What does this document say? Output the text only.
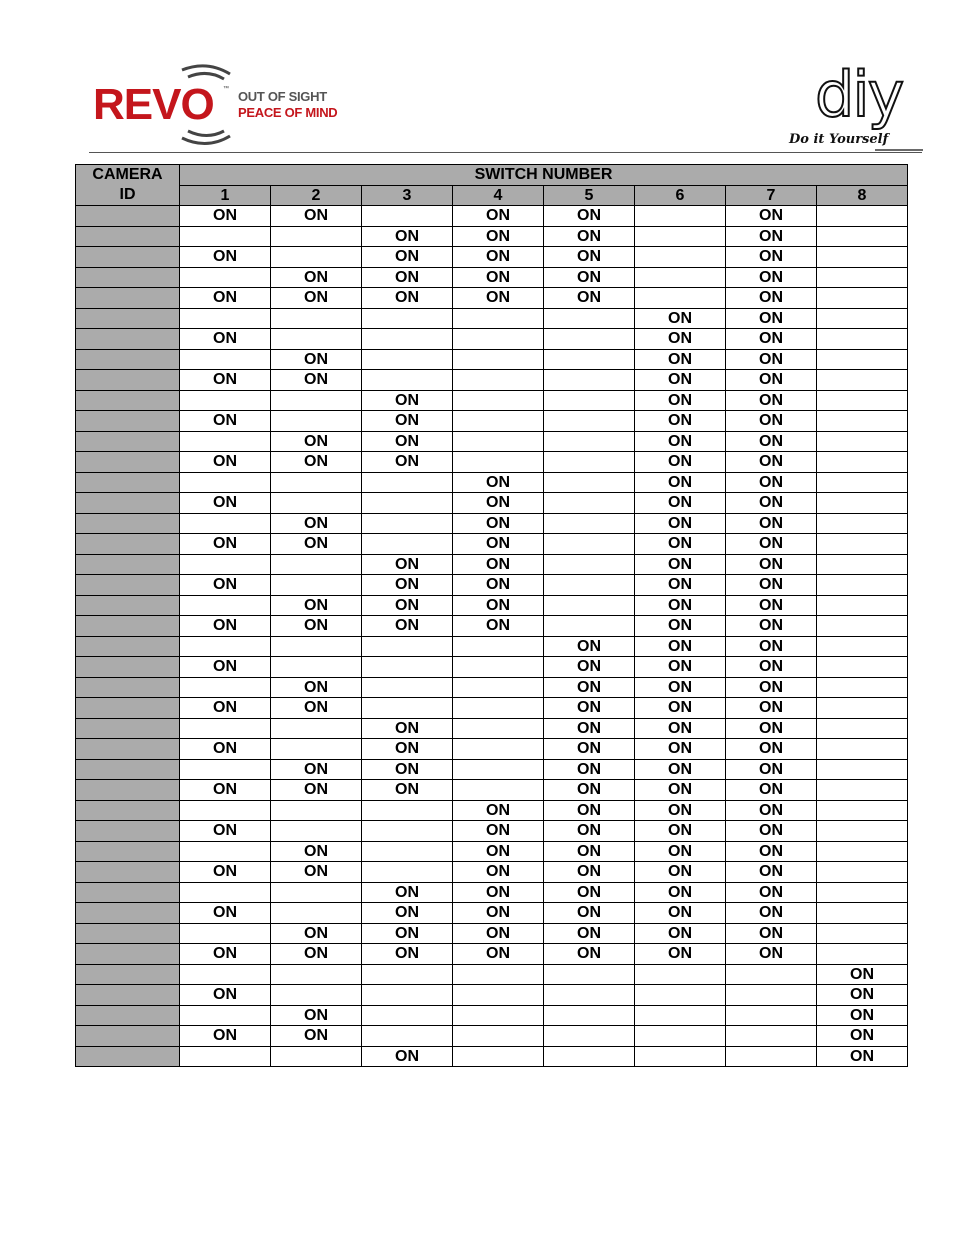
REVO ™ OUT OF SIGHT
PEACE OF MIND	diy
Do it Yourself
CAMERA
ID	SWITCH NUMBER							
	1	2	3	4	5	6	7	8
	ON	ON		ON	ON		ON	
			ON	ON	ON		ON	
	ON		ON	ON	ON		ON	
		ON	ON	ON	ON		ON	
	ON	ON	ON	ON	ON		ON	
						ON	ON	
	ON					ON	ON	
		ON				ON	ON	
	ON	ON				ON	ON	
			ON			ON	ON	
	ON		ON			ON	ON	
		ON	ON			ON	ON	
	ON	ON	ON			ON	ON	
				ON		ON	ON	
	ON			ON		ON	ON	
		ON		ON		ON	ON	
	ON	ON		ON		ON	ON	
			ON	ON		ON	ON	
	ON		ON	ON		ON	ON	
		ON	ON	ON		ON	ON	
	ON	ON	ON	ON		ON	ON	
					ON	ON	ON	
	ON				ON	ON	ON	
		ON			ON	ON	ON	
	ON	ON			ON	ON	ON	
			ON		ON	ON	ON	
	ON		ON		ON	ON	ON	
		ON	ON		ON	ON	ON	
	ON	ON	ON		ON	ON	ON	
				ON	ON	ON	ON	
	ON			ON	ON	ON	ON	
		ON		ON	ON	ON	ON	
	ON	ON		ON	ON	ON	ON	
			ON	ON	ON	ON	ON	
	ON		ON	ON	ON	ON	ON	
		ON	ON	ON	ON	ON	ON	
	ON	ON	ON	ON	ON	ON	ON	
								ON
	ON							ON
		ON						ON
	ON	ON						ON
			ON					ON
